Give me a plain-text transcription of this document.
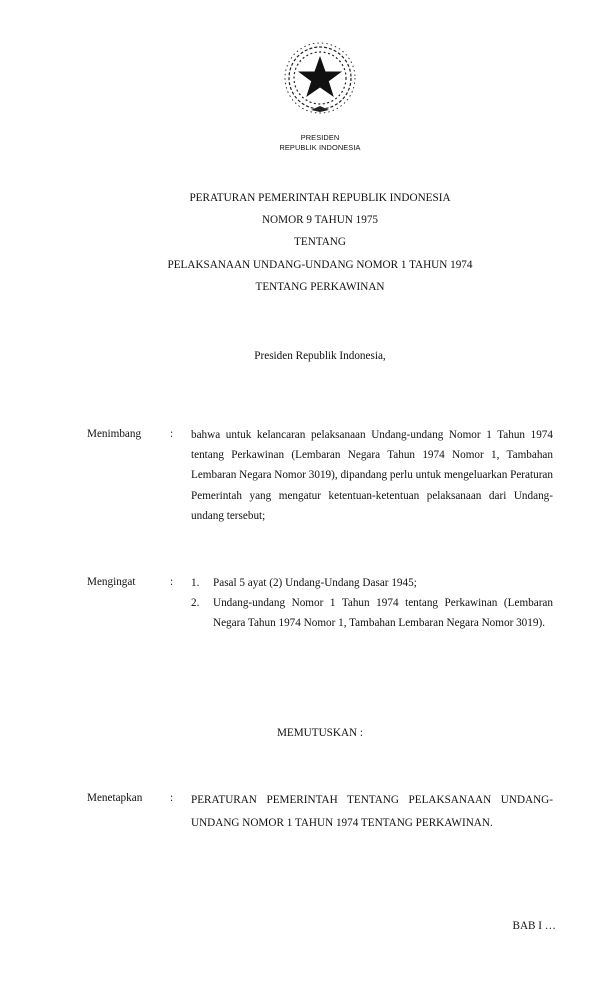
PRESIDEN
REPUBLIK INDONESIA
PERATURAN PEMERINTAH REPUBLIK INDONESIA
NOMOR 9 TAHUN 1975
TENTANG
PELAKSANAAN UNDANG-UNDANG NOMOR 1 TAHUN 1974
TENTANG PERKAWINAN
Presiden Republik Indonesia,
Menimbang	: bahwa untuk kelancaran pelaksanaan Undang-undang Nomor 1 Tahun 1974 tentang Perkawinan (Lembaran Negara Tahun 1974 Nomor 1, Tambahan Lembaran Negara Nomor 3019), dipandang perlu untuk mengeluarkan Peraturan Pemerintah yang mengatur ketentuan-ketentuan pelaksanaan dari Undang-undang tersebut;

Mengingat	: 1. Pasal 5 ayat (2) Undang-Undang Dasar 1945;
2. Undang-undang Nomor 1 Tahun 1974 tentang Perkawinan (Lembaran Negara Tahun 1974 Nomor 1, Tambahan Lembaran Negara Nomor 3019).
MEMUTUSKAN :
Menetapkan : PERATURAN PEMERINTAH TENTANG PELAKSANAAN UNDANG-UNDANG NOMOR 1 TAHUN 1974 TENTANG PERKAWINAN.

BAB I …
